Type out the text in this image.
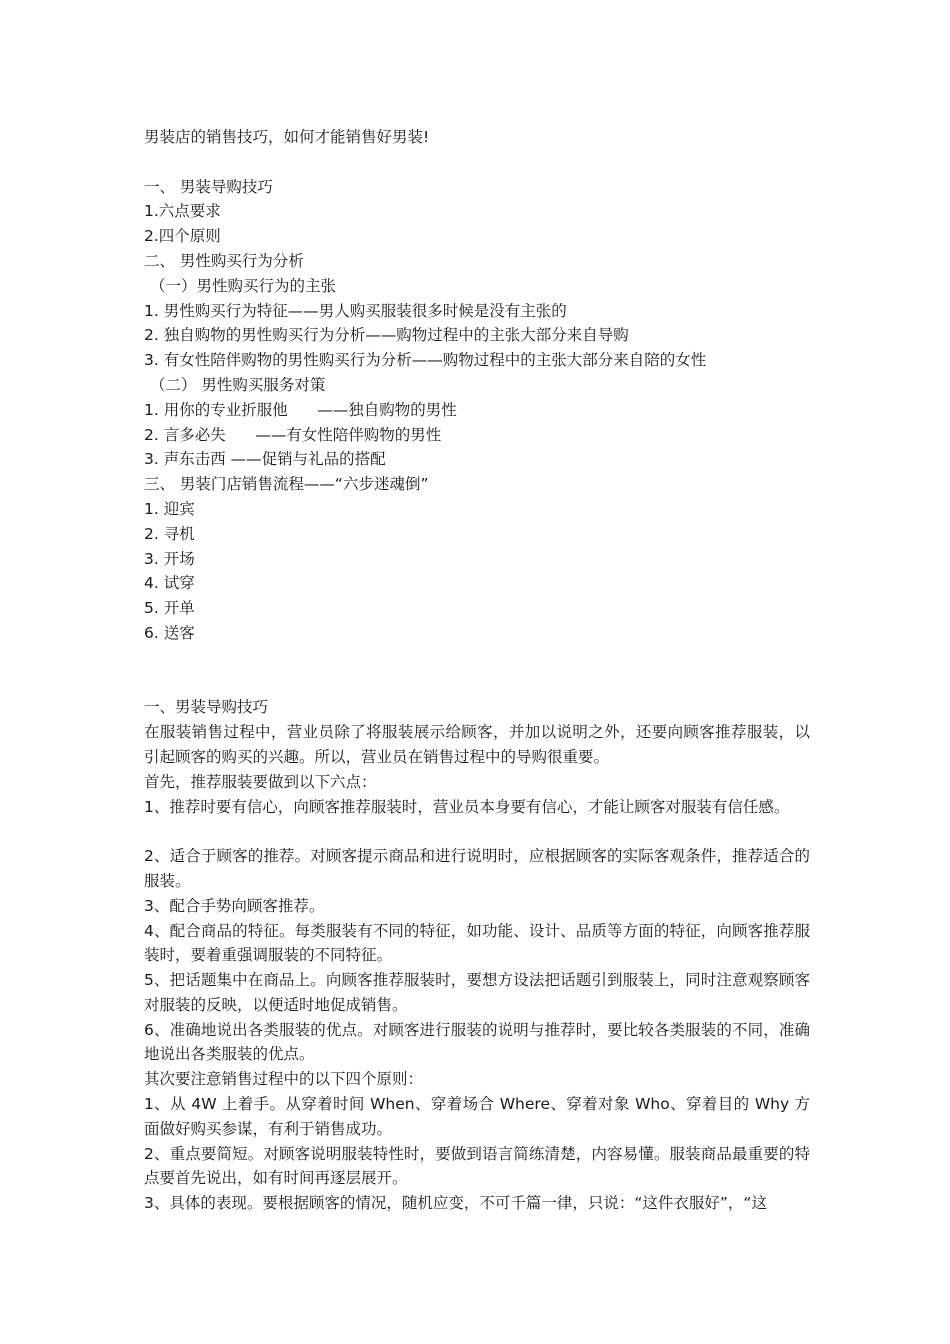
男装店的销售技巧，如何才能销售好男装!

一、 男装导购技巧

1.六点要求

2.四个原则

二、 男性购买行为分析

（一）男性购买行为的主张

1. 男性购买行为特征——男人购买服装很多时候是没有主张的

2. 独自购物的男性购买行为分析——购物过程中的主张大部分来自导购

3. 有女性陪伴购物的男性购买行为分析——购物过程中的主张大部分来自陪的女性

（二） 男性购买服务对策

1. 用你的专业折服他      ——独自购物的男性

2. 言多必失      ——有女性陪伴购物的男性

3. 声东击西 ——促销与礼品的搭配

三、 男装门店销售流程——“六步迷魂倒”

1. 迎宾

2. 寻机

3. 开场

4. 试穿

5. 开单

6. 送客

一、男装导购技巧

在服装销售过程中，营业员除了将服装展示给顾客，并加以说明之外，还要向顾客推荐服装，以引起顾客的购买的兴趣。所以，营业员在销售过程中的导购很重要。

首先，推荐服装要做到以下六点：

1、推荐时要有信心，向顾客推荐服装时，营业员本身要有信心，才能让顾客对服装有信任感。

2、适合于顾客的推荐。对顾客提示商品和进行说明时，应根据顾客的实际客观条件，推荐适合的服装。

3、配合手势向顾客推荐。

4、配合商品的特征。每类服装有不同的特征，如功能、设计、品质等方面的特征，向顾客推荐服装时，要着重强调服装的不同特征。

5、把话题集中在商品上。向顾客推荐服装时，要想方设法把话题引到服装上，同时注意观察顾客对服装的反映，以便适时地促成销售。

6、准确地说出各类服装的优点。对顾客进行服装的说明与推荐时，要比较各类服装的不同，准确地说出各类服装的优点。

其次要注意销售过程中的以下四个原则：

1、从 4W 上着手。从穿着时间 When、穿着场合 Where、穿着对象 Who、穿着目的 Why 方面做好购买参谋，有利于销售成功。

2、重点要简短。对顾客说明服装特性时，要做到语言简练清楚，内容易懂。服装商品最重要的特点要首先说出，如有时间再逐层展开。

3、具体的表现。要根据顾客的情况，随机应变，不可千篇一律，只说：“这件衣服好”，“这
